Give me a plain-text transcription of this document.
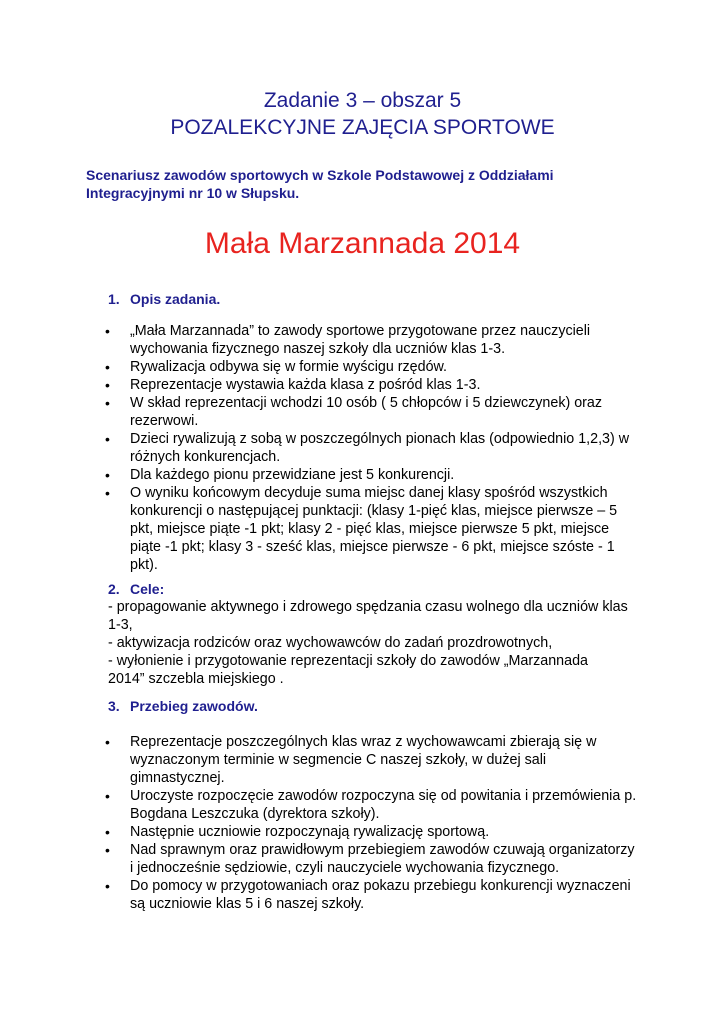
Zadanie 3 – obszar 5
POZALEKCYJNE ZAJĘCIA SPORTOWE
Scenariusz zawodów sportowych w Szkole Podstawowej z Oddziałami Integracyjnymi nr 10 w Słupsku.
Mała Marzannada 2014
1. Opis zadania.
• „Mała Marzannada” to zawody sportowe przygotowane przez nauczycieli wychowania fizycznego naszej szkoły dla uczniów klas 1-3.
• Rywalizacja odbywa się w formie wyścigu rzędów.
• Reprezentacje wystawia każda klasa z pośród klas 1-3.
• W skład reprezentacji wchodzi 10 osób ( 5 chłopców i 5 dziewczynek) oraz rezerwowi.
• Dzieci rywalizują z sobą w poszczególnych pionach klas (odpowiednio 1,2,3) w różnych konkurencjach.
• Dla każdego pionu przewidziane jest 5 konkurencji.
• O wyniku końcowym decyduje suma miejsc danej klasy spośród wszystkich konkurencji o następującej punktacji: (klasy 1-pięć klas, miejsce pierwsze – 5 pkt, miejsce piąte -1 pkt; klasy 2 - pięć klas, miejsce pierwsze 5 pkt, miejsce piąte -1 pkt; klasy 3 - sześć klas, miejsce pierwsze - 6 pkt, miejsce szóste - 1 pkt).
2. Cele:
- propagowanie aktywnego i zdrowego spędzania czasu wolnego dla uczniów klas 1-3,
- aktywizacja rodziców oraz wychowawców do zadań prozdrowotnych,
- wyłonienie i przygotowanie reprezentacji szkoły do zawodów „Marzannada 2014” szczebla miejskiego .
3. Przebieg zawodów.
• Reprezentacje poszczególnych klas wraz z wychowawcami zbierają się w wyznaczonym terminie w segmencie C naszej szkoły, w dużej sali gimnastycznej.
• Uroczyste rozpoczęcie zawodów rozpoczyna się od powitania i przemówienia p. Bogdana Leszczuka (dyrektora szkoły).
• Następnie uczniowie rozpoczynają rywalizację sportową.
• Nad sprawnym oraz prawidłowym przebiegiem zawodów czuwają organizatorzy i jednocześnie sędziowie, czyli nauczyciele wychowania fizycznego.
• Do pomocy w przygotowaniach oraz pokazu przebiegu konkurencji wyznaczeni są uczniowie klas 5 i 6 naszej szkoły.
